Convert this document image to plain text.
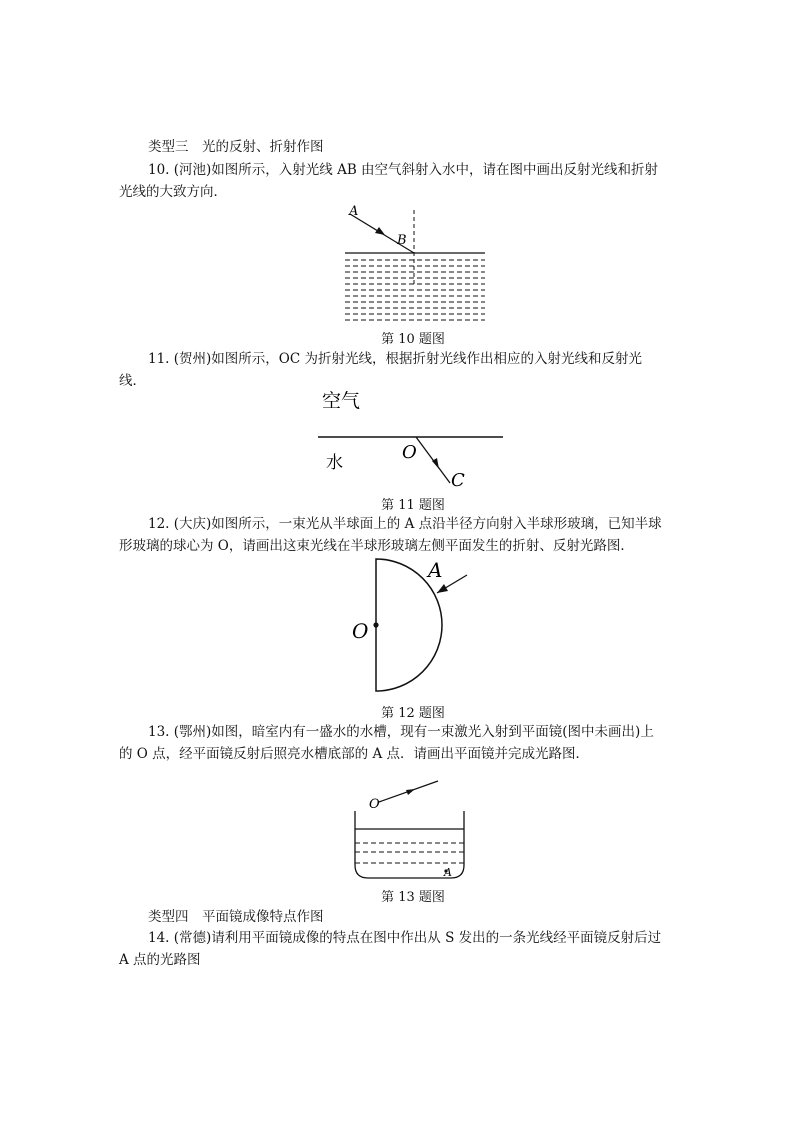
类型三　光的反射、折射作图
10. (河池)如图所示，入射光线 AB 由空气斜射入水中，请在图中画出反射光线和折射
光线的大致方向．
A
B
第 10 题图
11. (贺州)如图所示，OC 为折射光线，根据折射光线作出相应的入射光线和反射光
线．
空气
水	O
C
第 11 题图
12. (大庆)如图所示，一束光从半球面上的 A 点沿半径方向射入半球形玻璃，已知半球
形玻璃的球心为 O，请画出这束光线在半球形玻璃左侧平面发生的折射、反射光路图．
A
O
第 12 题图
13. (鄂州)如图，暗室内有一盛水的水槽，现有一束激光入射到平面镜(图中未画出)上
的 O 点，经平面镜反射后照亮水槽底部的 A 点．请画出平面镜并完成光路图．
O
A
第 13 题图
类型四　平面镜成像特点作图
14. (常德)请利用平面镜成像的特点在图中作出从 S 发出的一条光线经平面镜反射后过
A 点的光路图
